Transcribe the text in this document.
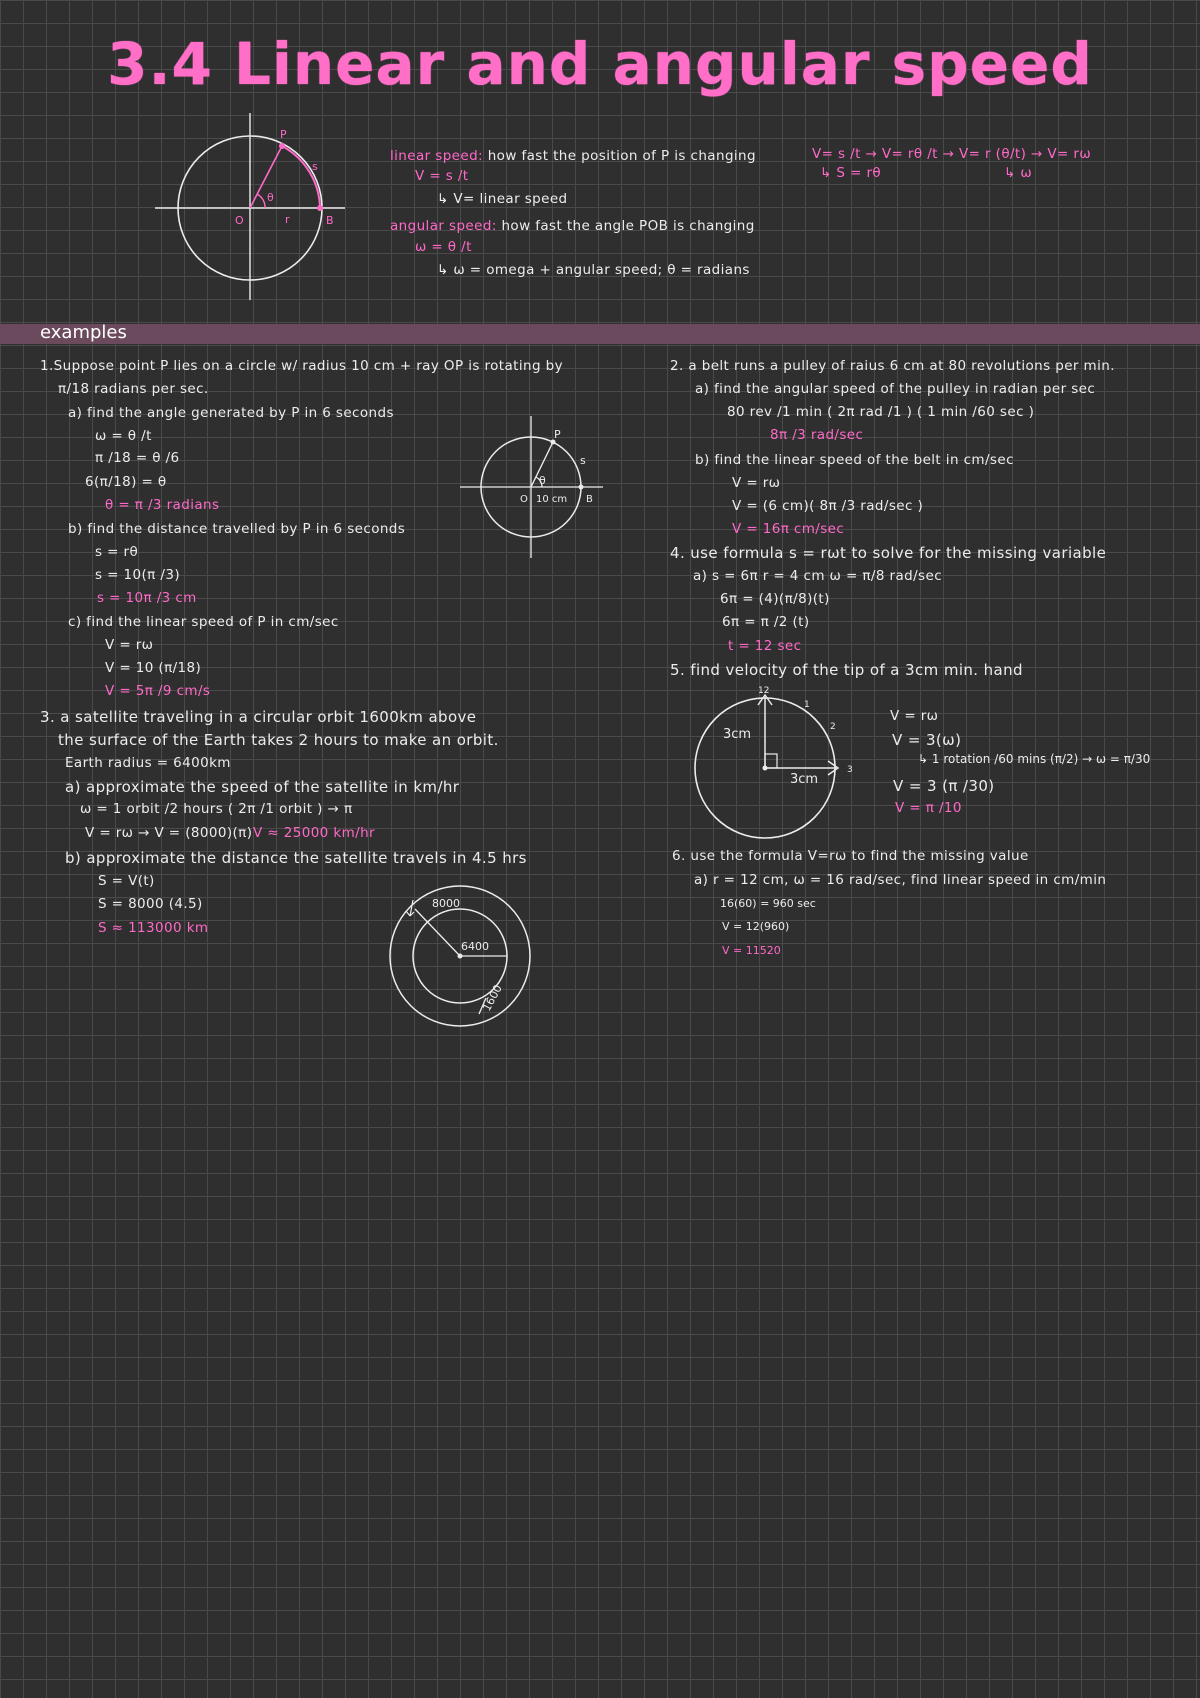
3.4 Linear and angular speed
P
s
θ
O	r	B
linear speed: how fast the position of P is changing
V = s /t
↳ V= linear speed
angular speed: how fast the angle POB is changing
ω = θ /t
↳ ω = omega + angular speed; θ = radians
V= s /t → V= rθ /t → V= r (θ/t) → V= rω
↳ S = rθ	↳ ω
examples
1.Suppose point P lies on a circle w/ radius 10 cm + ray OP is rotating by
π/18 radians per sec.
a) find the angle generated by P in 6 seconds
ω = θ /t
π /18 = θ /6
6(π/18) = θ
θ = π /3 radians
b) find the distance travelled by P in 6 seconds
s = rθ
s = 10(π /3)
s = 10π /3 cm
c) find the linear speed of P in cm/sec
V = rω
V = 10 (π/18)
V = 5π /9 cm/s
P
s
θ
O 10 cm B
3. a satellite traveling in a circular orbit 1600km above
the surface of the Earth takes 2 hours to make an orbit.
Earth radius = 6400km
a) approximate the speed of the satellite in km/hr
ω = 1 orbit /2 hours ( 2π /1 orbit ) → π
V = rω → V = (8000)(π) V ≈ 25000 km/hr
b) approximate the distance the satellite travels in 4.5 hrs
S = V(t)
S = 8000 (4.5)
S ≈ 113000 km
8000
6400
1600
2. a belt runs a pulley of raius 6 cm at 80 revolutions per min.
a) find the angular speed of the pulley in radian per sec
80 rev /1 min ( 2π rad /1 ) ( 1 min /60 sec )
8π /3 rad/sec
b) find the linear speed of the belt in cm/sec
V = rω
V = (6 cm)( 8π /3 rad/sec )
V = 16π cm/sec
4. use formula s = rωt to solve for the missing variable
a) s = 6π r = 4 cm ω = π/8 rad/sec
6π = (4)(π/8)(t)
6π = π /2 (t)
t = 12 sec
5. find velocity of the tip of a 3cm min. hand
12
1
2
3
3cm
3cm
V = rω
V = 3(ω)
↳ 1 rotation /60 mins (π/2) → ω = π/30
V = 3 (π /30)
V = π /10
6. use the formula V=rω to find the missing value
a) r = 12 cm, ω = 16 rad/sec, find linear speed in cm/min
16(60) = 960 sec
V = 12(960)
V = 11520
